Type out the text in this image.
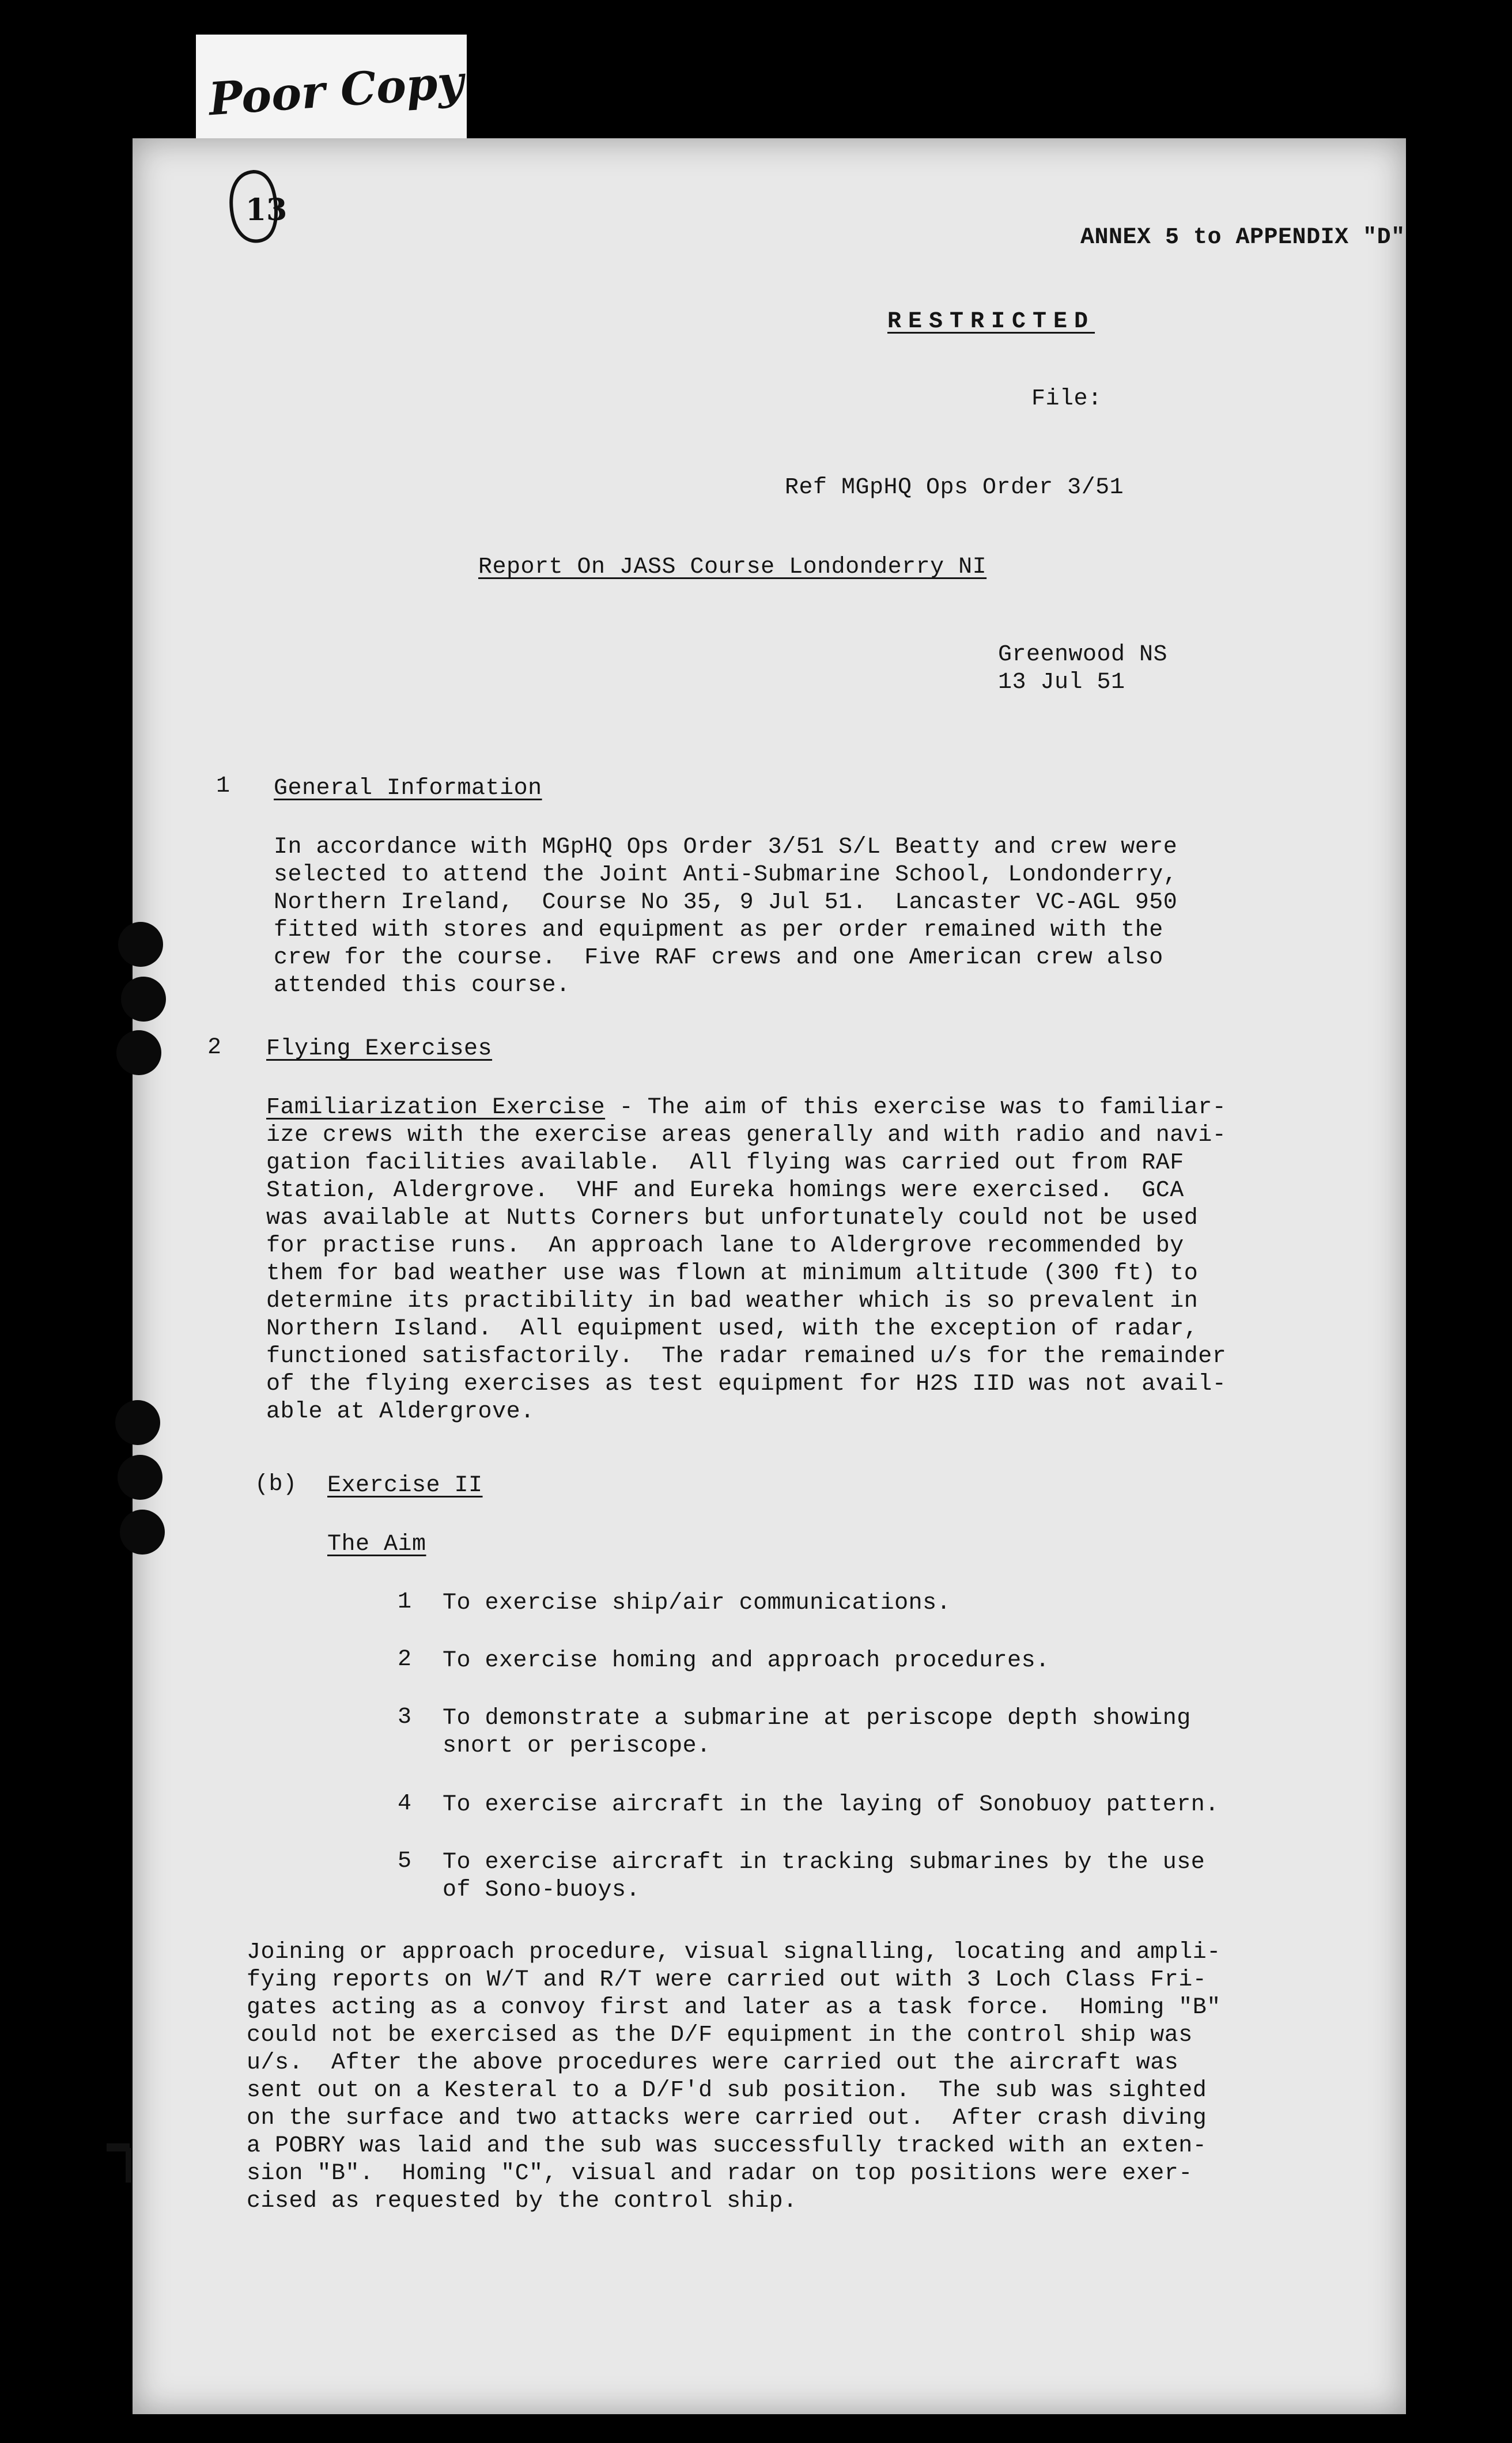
Poor Copy
13
ANNEX 5 to APPENDIX "D"
RESTRICTED
File:
Ref MGpHQ Ops Order 3/51
Report On JASS Course Londonderry NI
Greenwood NS
13 Jul 51
1 General Information
In accordance with MGpHQ Ops Order 3/51 S/L Beatty and crew were
selected to attend the Joint Anti-Submarine School, Londonderry,
Northern Ireland,  Course No 35, 9 Jul 51.  Lancaster VC-AGL 950
fitted with stores and equipment as per order remained with the
crew for the course.  Five RAF crews and one American crew also
attended this course.
2 Flying Exercises
Familiarization Exercise - The aim of this exercise was to familiar-
ize crews with the exercise areas generally and with radio and navi-
gation facilities available.  All flying was carried out from RAF
Station, Aldergrove.  VHF and Eureka homings were exercised.  GCA
was available at Nutts Corners but unfortunately could not be used
for practise runs.  An approach lane to Aldergrove recommended by
them for bad weather use was flown at minimum altitude (300 ft) to
determine its practibility in bad weather which is so prevalent in
Northern Island.  All equipment used, with the exception of radar,
functioned satisfactorily.  The radar remained u/s for the remainder
of the flying exercises as test equipment for H2S IID was not avail-
able at Aldergrove.
(b) Exercise II
The Aim
1 To exercise ship/air communications.
2 To exercise homing and approach procedures.
3 To demonstrate a submarine at periscope depth showing
snort or periscope.
4 To exercise aircraft in the laying of Sonobuoy pattern.
5 To exercise aircraft in tracking submarines by the use
of Sono-buoys.
Joining or approach procedure, visual signalling, locating and ampli-
fying reports on W/T and R/T were carried out with 3 Loch Class Fri-
gates acting as a convoy first and later as a task force.  Homing "B"
could not be exercised as the D/F equipment in the control ship was
u/s.  After the above procedures were carried out the aircraft was
sent out on a Kesteral to a D/F'd sub position.  The sub was sighted
on the surface and two attacks were carried out.  After crash diving
a POBRY was laid and the sub was successfully tracked with an exten-
sion "B".  Homing "C", visual and radar on top positions were exer-
cised as requested by the control ship.
